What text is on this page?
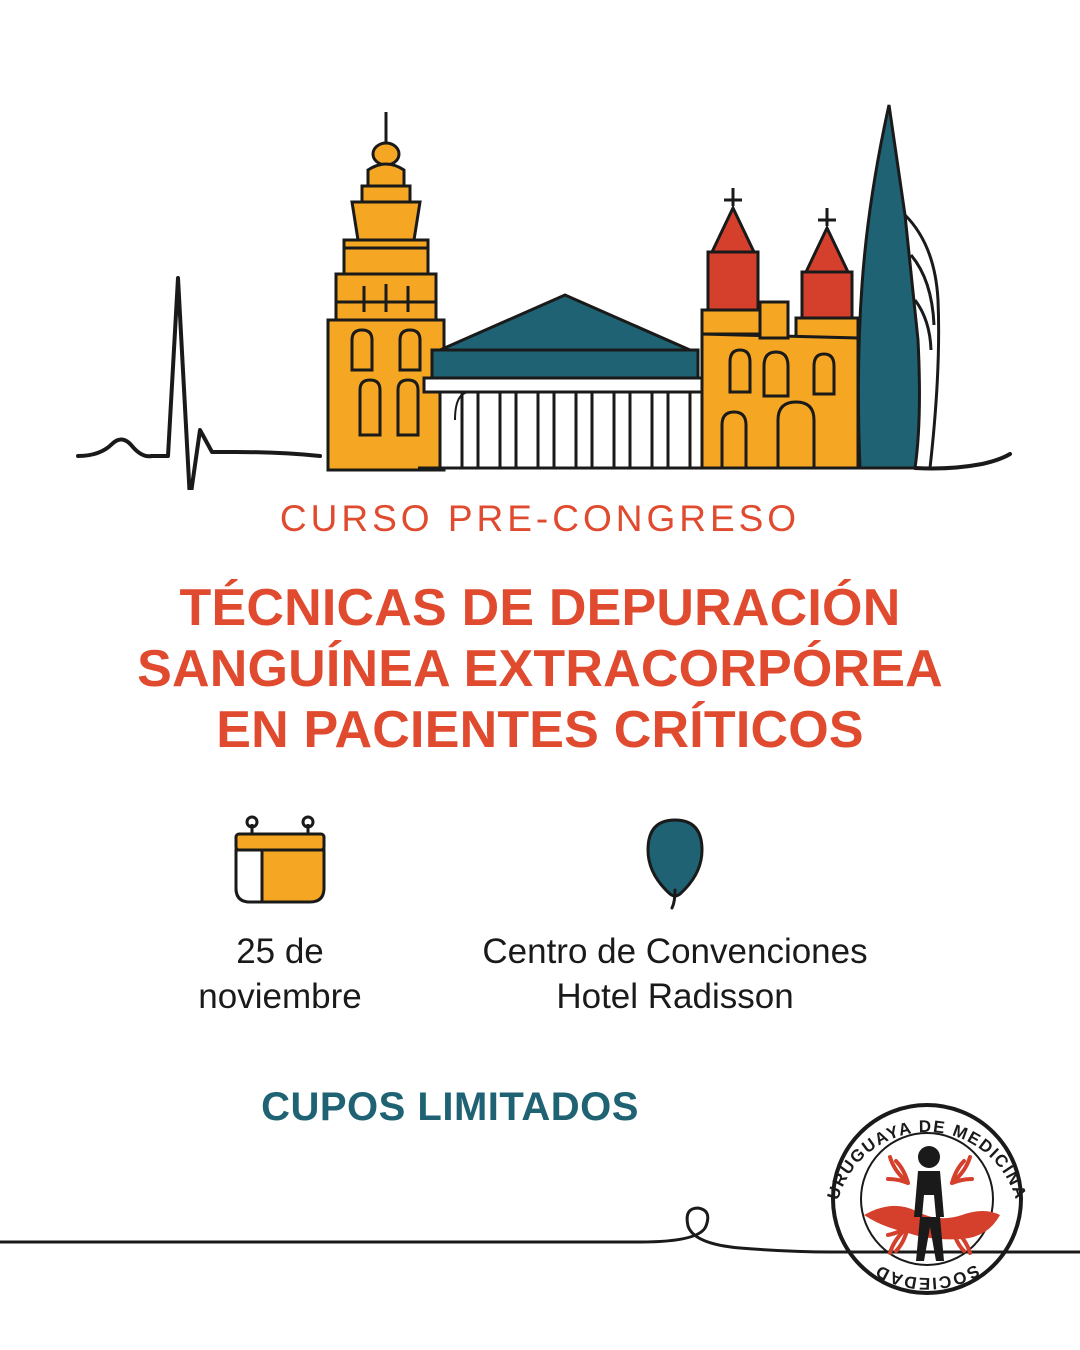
CURSO PRE-CONGRESO
TÉCNICAS DE DEPURACIÓN
SANGUÍNEA EXTRACORPÓREA
EN PACIENTES CRÍTICOS
25 de
noviembre
Centro de Convenciones
Hotel Radisson
CUPOS LIMITADOS
URUGUAYA DE MEDICINA
SOCIEDAD
